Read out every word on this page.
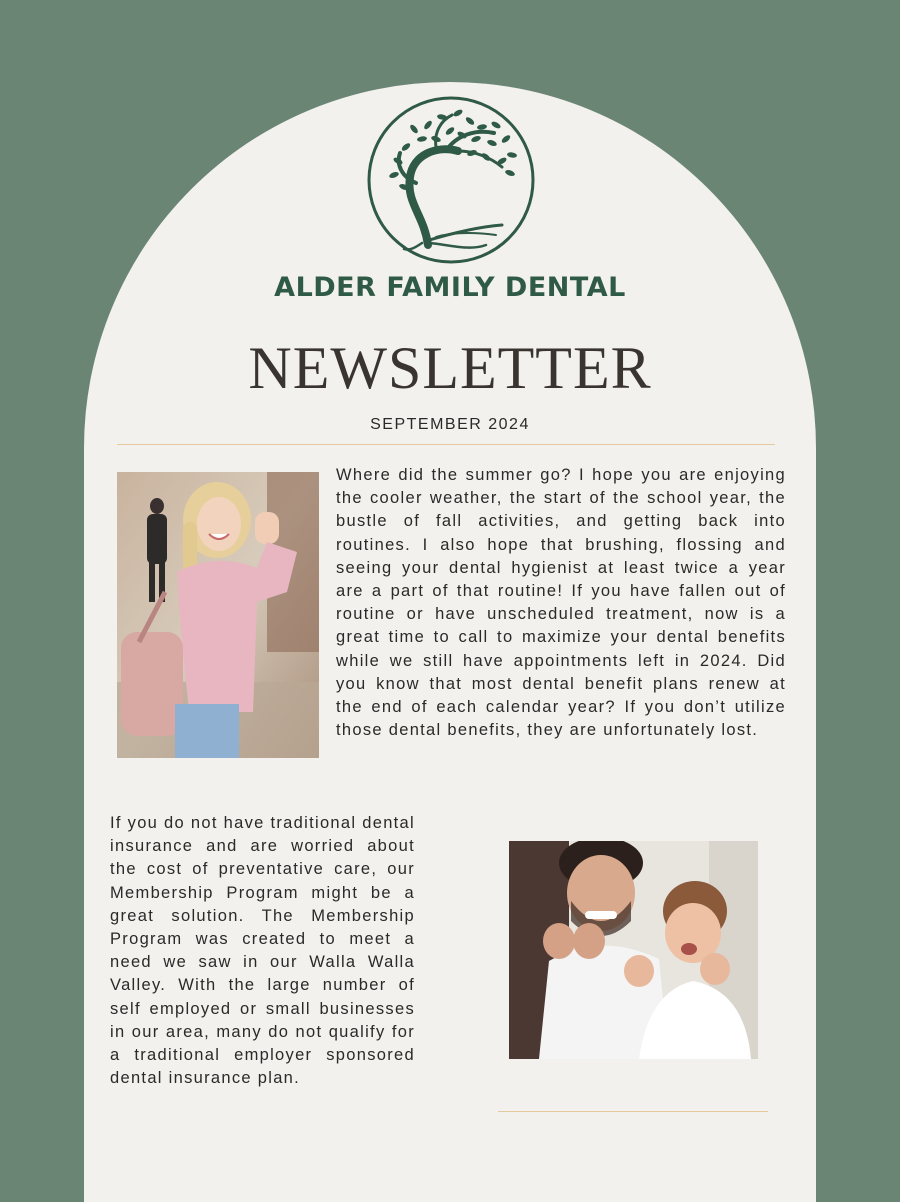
ALDER FAMILY DENTAL
NEWSLETTER
SEPTEMBER 2024

Where did the summer go? I hope you are enjoying the cooler weather, the start of the school year, the bustle of fall activities, and getting back into routines. I also hope that brushing, flossing and seeing your dental hygienist at least twice a year are a part of that routine! If you have fallen out of routine or have unscheduled treatment, now is a great time to call to maximize your dental benefits while we still have appointments left in 2024. Did you know that most dental benefit plans renew at the end of each calendar year? If you don’t utilize those dental benefits, they are unfortunately lost.

If you do not have traditional dental insurance and are worried about the cost of preventative care, our Membership Program might be a great solution. The Membership Program was created to meet a need we saw in our Walla Walla Valley. With the large number of self employed or small businesses in our area, many do not qualify for a traditional employer sponsored dental insurance plan.
